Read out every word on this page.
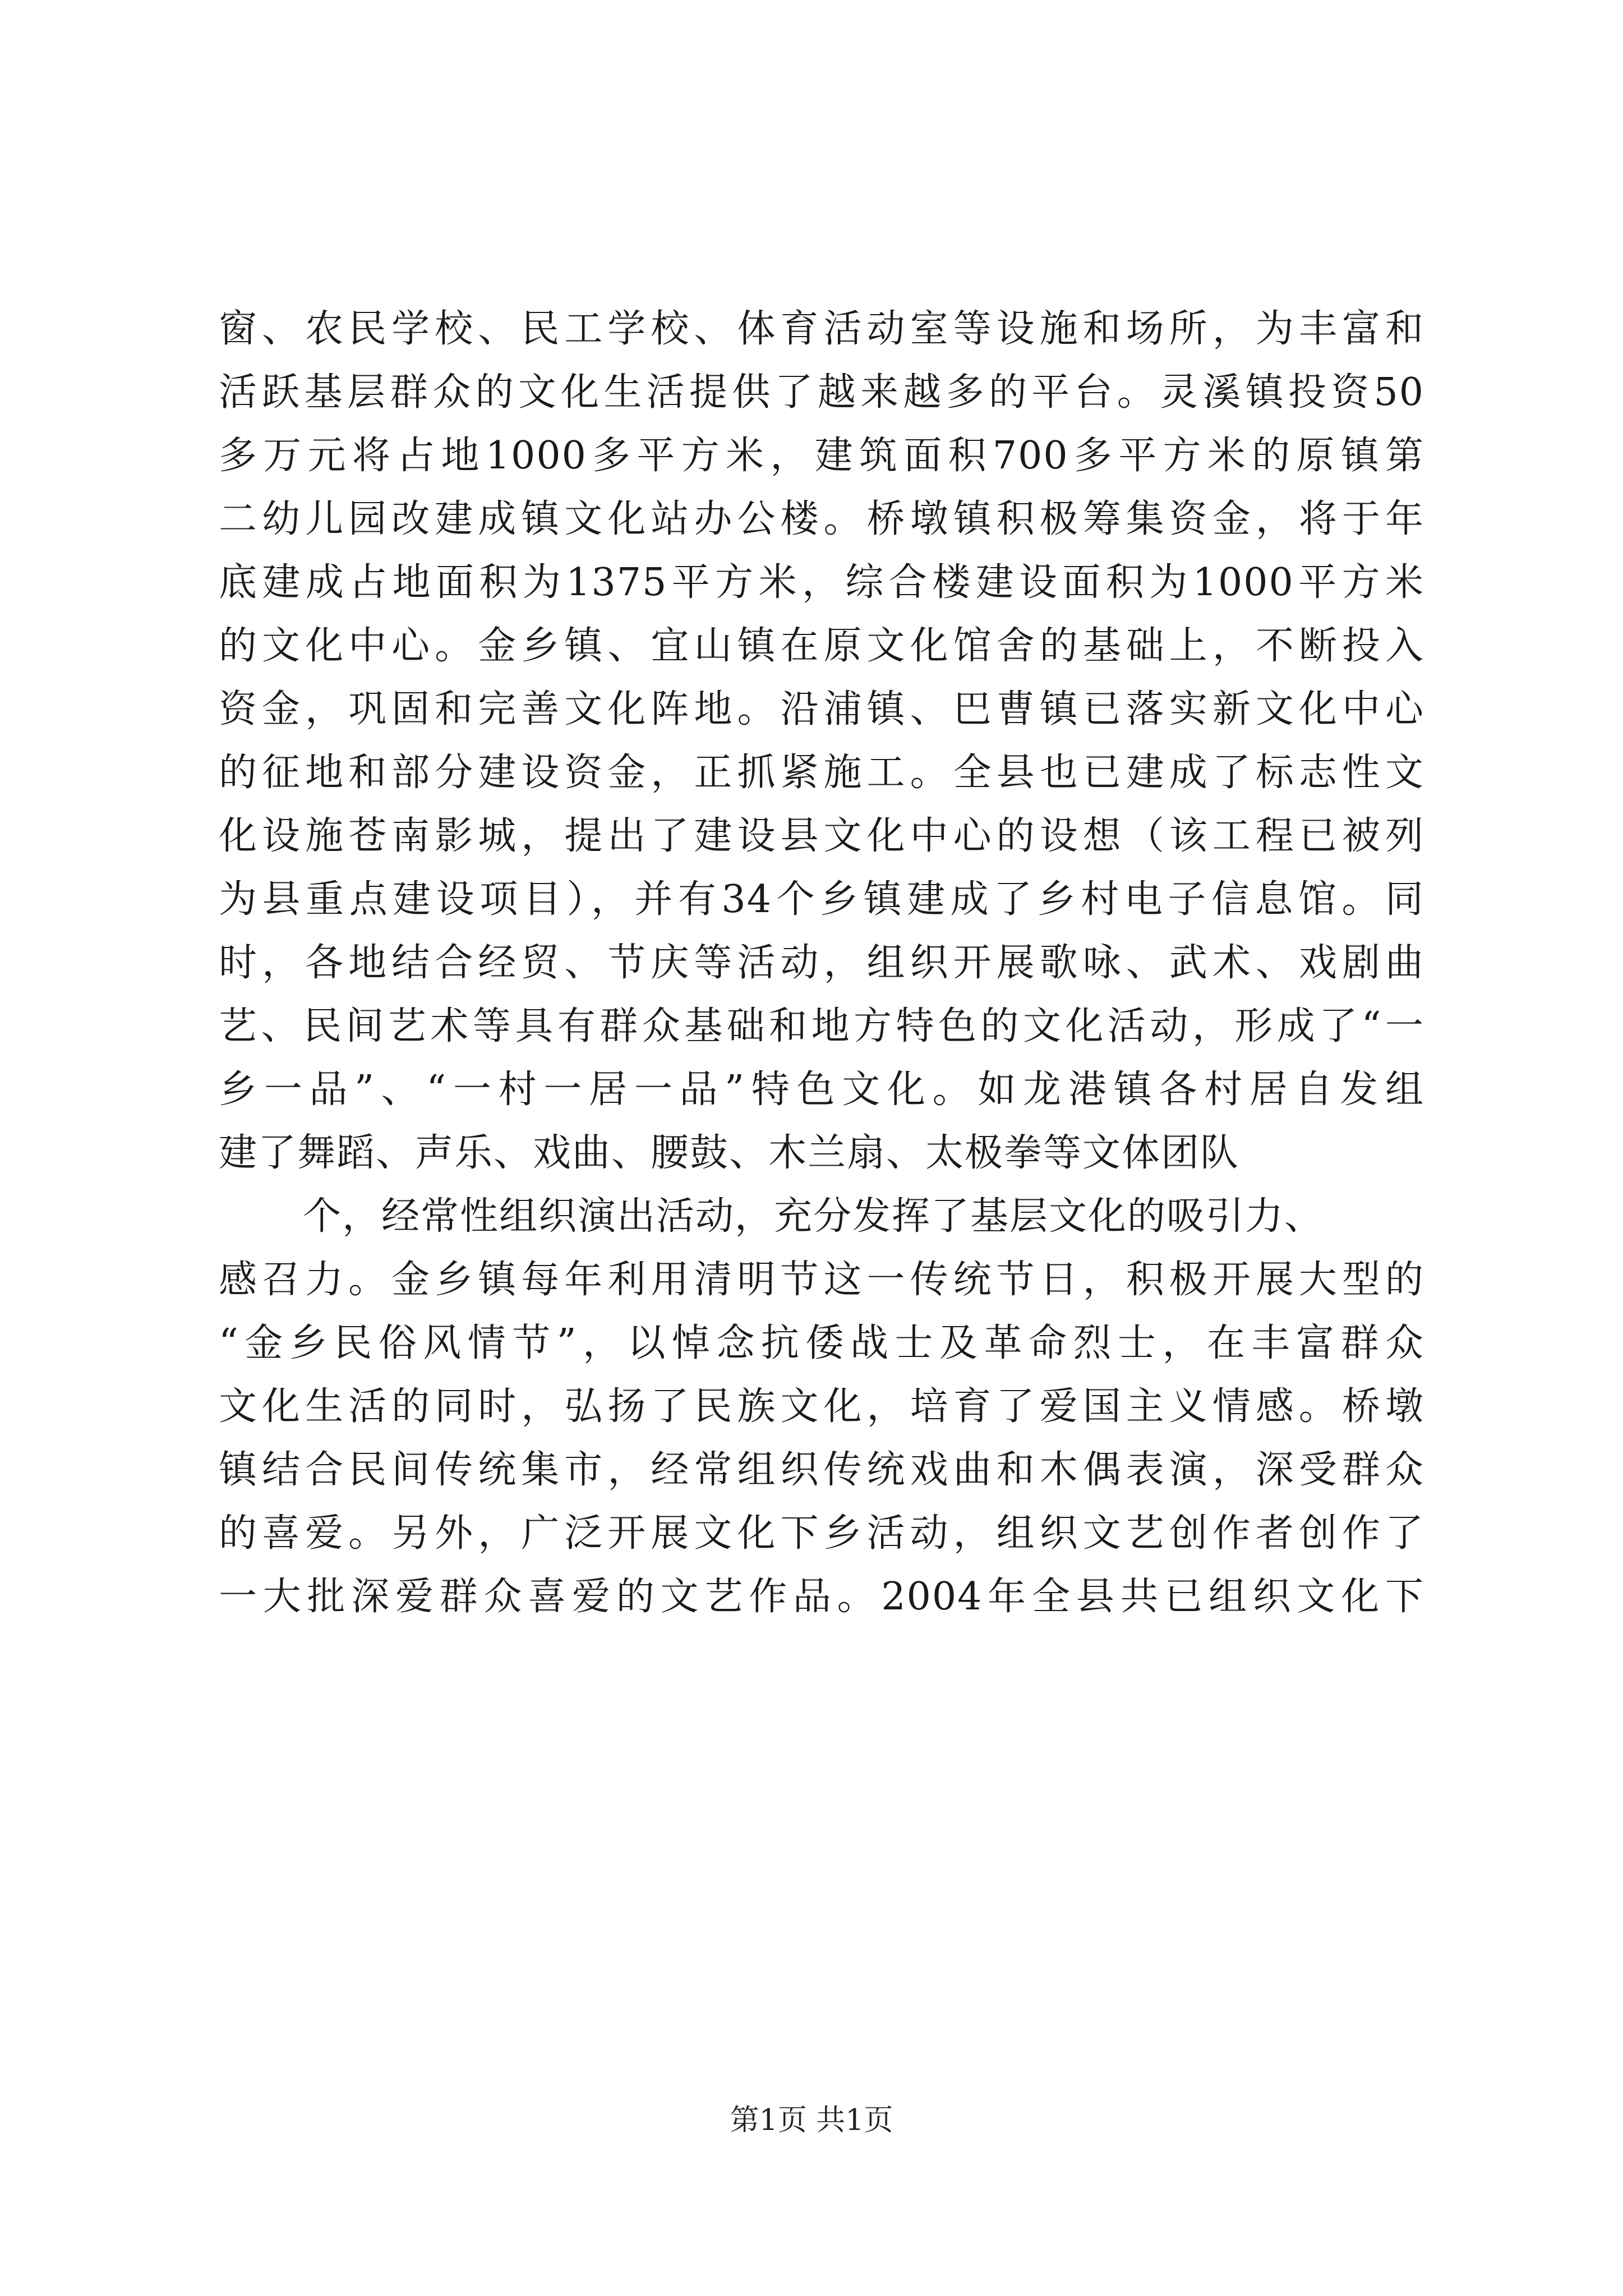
窗、农民学校、民工学校、体育活动室等设施和场所，为丰富和
活跃基层群众的文化生活提供了越来越多的平台。灵溪镇投资50
多万元将占地1000多平方米，建筑面积700多平方米的原镇第
二幼儿园改建成镇文化站办公楼。桥墩镇积极筹集资金，将于年
底建成占地面积为1375平方米，综合楼建设面积为1000平方米
的文化中心。金乡镇、宜山镇在原文化馆舍的基础上，不断投入
资金，巩固和完善文化阵地。沿浦镇、巴曹镇已落实新文化中心
的征地和部分建设资金，正抓紧施工。全县也已建成了标志性文
化设施苍南影城，提出了建设县文化中心的设想（该工程已被列
为县重点建设项目），并有34个乡镇建成了乡村电子信息馆。同
时，各地结合经贸、节庆等活动，组织开展歌咏、武术、戏剧曲
艺、民间艺术等具有群众基础和地方特色的文化活动，形成了“一
乡一品”、“一村一居一品”特色文化。如龙港镇各村居自发组
建了舞蹈、声乐、戏曲、腰鼓、木兰扇、太极拳等文体团队
个，经常性组织演出活动，充分发挥了基层文化的吸引力、
感召力。金乡镇每年利用清明节这一传统节日，积极开展大型的
“金乡民俗风情节”，以悼念抗倭战士及革命烈士，在丰富群众
文化生活的同时，弘扬了民族文化，培育了爱国主义情感。桥墩
镇结合民间传统集市，经常组织传统戏曲和木偶表演，深受群众
的喜爱。另外，广泛开展文化下乡活动，组织文艺创作者创作了
一大批深爱群众喜爱的文艺作品。2004年全县共已组织文化下
第1页 共1页
